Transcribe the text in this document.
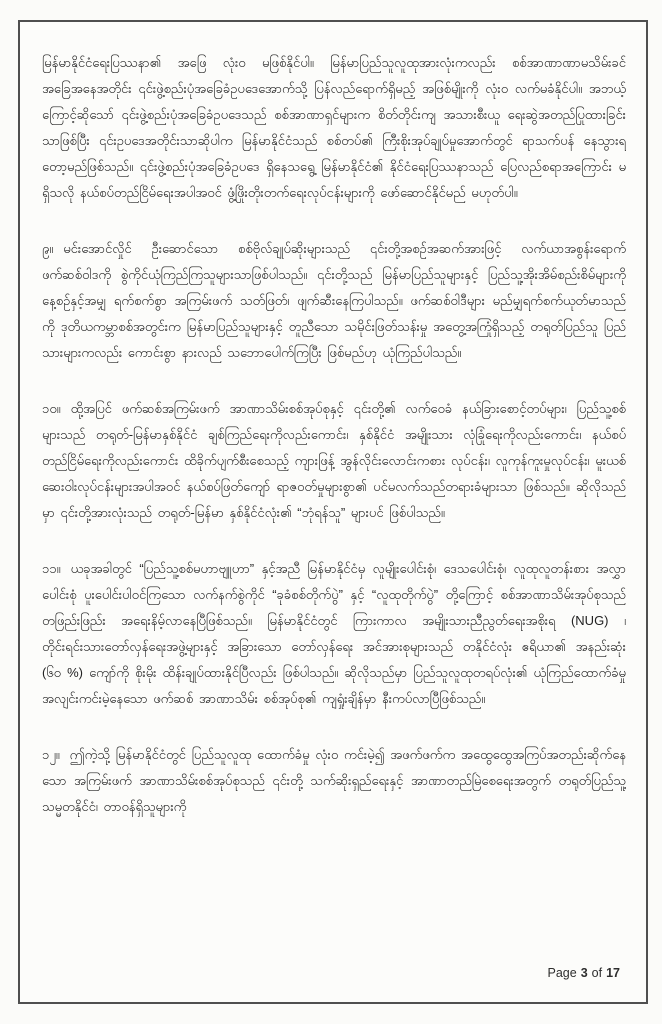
မြန်မာနိုင်ငံရေးပြဿနာ၏ အဖြေ လုံး၀ မဖြစ်နိုင်ပါ။ မြန်မာပြည်သူလူထုအားလုံးကလည်း စစ်အာဏာဏာမသိမ်းခင် အခြေအနေအတိုင်း ၎င်းဖွဲ့စည်းပုံအခြေခံဥပဒေအောက်သို့ ပြန်လည်ရောက်ရှိမည့် အဖြစ်မျိုးကို လုံး၀ လက်မခံနိုင်ပါ။ အဘယ့်ကြောင့်ဆိုသော် ၎င်းဖွဲ့စည်းပုံအခြေခံဥပဒေသည် စစ်အာဏာရှင်များက စိတ်တိုင်းကျ အသားစီးယူ ရေးဆွဲအတည်ပြုထားခြင်းသာဖြစ်ပြီး ၎င်းဥပဒေအတိုင်းသာဆိုပါက မြန်မာနိုင်ငံသည် စစ်တပ်၏ ကြီးစိုးအုပ်ချုပ်မှုအောက်တွင် ရာသက်ပန် နေသွားရတော့မည်ဖြစ်သည်။ ၎င်းဖွဲ့စည်းပုံအခြေခံဥပဒေ ရှိနေသရွေ့ မြန်မာနိုင်ငံ၏ နိုင်ငံရေးပြဿနာသည် ပြေလည်စရာအကြောင်း မရှိသလို နယ်စပ်တည်ငြိမ်ရေးအပါအဝင် ဖွံ့ဖြိုးတိုးတက်ရေးလုပ်ငန်းများကို ဖော်ဆောင်နိုင်မည် မဟုတ်ပါ။
၉။ မင်းအောင်လှိုင် ဦးဆောင်သော စစ်ဗိုလ်ချုပ်ဆိုးများသည် ၎င်းတို့အစဉ်အဆက်အားဖြင့် လက်ယာအစွန်းရောက် ဖက်ဆစ်ဝါဒကို စွဲကိုင်ယုံကြည်ကြသူများသာဖြစ်ပါသည်။ ၎င်းတို့သည် မြန်မာပြည်သူများနှင့် ပြည်သူ့အိုးအိမ်စည်းစိမ်များကို နေ့စဉ်နှင့်အမျှ ရက်စက်စွာ အကြမ်းဖက် သတ်ဖြတ်၊ ဖျက်ဆီးနေကြပါသည်။ ဖက်ဆစ်ဝါဒီများ မည်မျှရက်စက်ယုတ်မာသည်ကို ဒုတိယကမ္ဘာစစ်အတွင်းက မြန်မာပြည်သူများနှင့် တူညီသော သမိုင်းဖြတ်သန်းမှု အတွေ့အကြုံရှိသည့် တရုတ်ပြည်သူ ပြည်သားများကလည်း ကောင်းစွာ နားလည် သဘောပေါက်ကြပြီး ဖြစ်မည်ဟု ယုံကြည်ပါသည်။
၁၀။ ထို့အပြင် ဖက်ဆစ်အကြမ်းဖက် အာဏာသိမ်းစစ်အုပ်စုနှင့် ၎င်းတို့၏ လက်ဝေခံ နယ်ခြားစောင့်တပ်များ၊ ပြည်သူ့စစ်များသည် တရုတ်-မြန်မာနှစ်နိုင်ငံ ချစ်ကြည်ရေးကိုလည်းကောင်း၊ နှစ်နိုင်ငံ အမျိုးသား လုံခြုံရေးကိုလည်းကောင်း၊ နယ်စပ် တည်ငြိမ်ရေးကိုလည်းကောင်း ထိခိုက်ပျက်စီးစေသည့် ကျားဖြန့် အွန်လိုင်းလောင်းကစား လုပ်ငန်း၊ လူကုန်ကူးမှုလုပ်ငန်း၊ မူးယစ်ဆေးဝါးလုပ်ငန်းများအပါအဝင် နယ်စပ်ဖြတ်ကျော် ရာဇဝတ်မှုများစွာ၏ ပင်မလက်သည်တရားခံများသာ ဖြစ်သည်။ ဆိုလိုသည်မှာ ၎င်းတို့အားလုံးသည် တရုတ်-မြန်မာ နှစ်နိုင်ငံလုံး၏ “ဘုံရန်သူ” များပင် ဖြစ်ပါသည်။
၁၁။ ယခုအခါတွင် “ပြည်သူ့စစ်မဟာဗျူဟာ” နှင့်အညီ မြန်မာနိုင်ငံမှ လူမျိုးပေါင်းစုံ၊ ဒေသပေါင်းစုံ၊ လူထုလူတန်းစား အလွှာပေါင်းစုံ ပူးပေါင်းပါဝင်ကြသော လက်နက်စွဲကိုင် “ခုခံစစ်တိုက်ပွဲ” နှင့် “လူထုတိုက်ပွဲ” တို့ကြောင့် စစ်အာဏာသိမ်းအုပ်စုသည် တဖြည်းဖြည်း အရေးနိမ့်လာနေပြီဖြစ်သည်။ မြန်မာနိုင်ငံတွင် ကြားကာလ အမျိုးသားညီညွတ်ရေးအစိုးရ (NUG) ၊ တိုင်းရင်းသားတော်လှန်ရေးအဖွဲ့များနှင့် အခြားသော တော်လှန်ရေး အင်အားစုများသည် တနိုင်ငံလုံး ဧရိယာ၏ အနည်းဆုံး (၆၀ %) ကျော်ကို စိုးမိုး ထိန်းချုပ်ထားနိုင်ပြီလည်း ဖြစ်ပါသည်။ ဆိုလိုသည်မှာ ပြည်သူလူထုတရပ်လုံး၏ ယုံကြည်ထောက်ခံမှု အလျင်းကင်းမဲ့နေသော ဖက်ဆစ် အာဏာသိမ်း စစ်အုပ်စု၏ ကျရှုံးချိန်မှာ နီးကပ်လာပြီဖြစ်သည်။
၁၂။ ဤကဲ့သို့ မြန်မာနိုင်ငံတွင် ပြည်သူလူထု ထောက်ခံမှု လုံး၀ ကင်းမဲ့၍ အဖက်ဖက်က အထွေထွေအကြပ်အတည်းဆိုက်နေသော အကြမ်းဖက် အာဏာသိမ်းစစ်အုပ်စုသည် ၎င်းတို့ သက်ဆိုးရှည်ရေးနှင့် အာဏာတည်မြဲစေရေးအတွက် တရုတ်ပြည်သူ့သမ္မတနိုင်ငံ၊ တာဝန်ရှိသူများကို
Page 3 of 17
